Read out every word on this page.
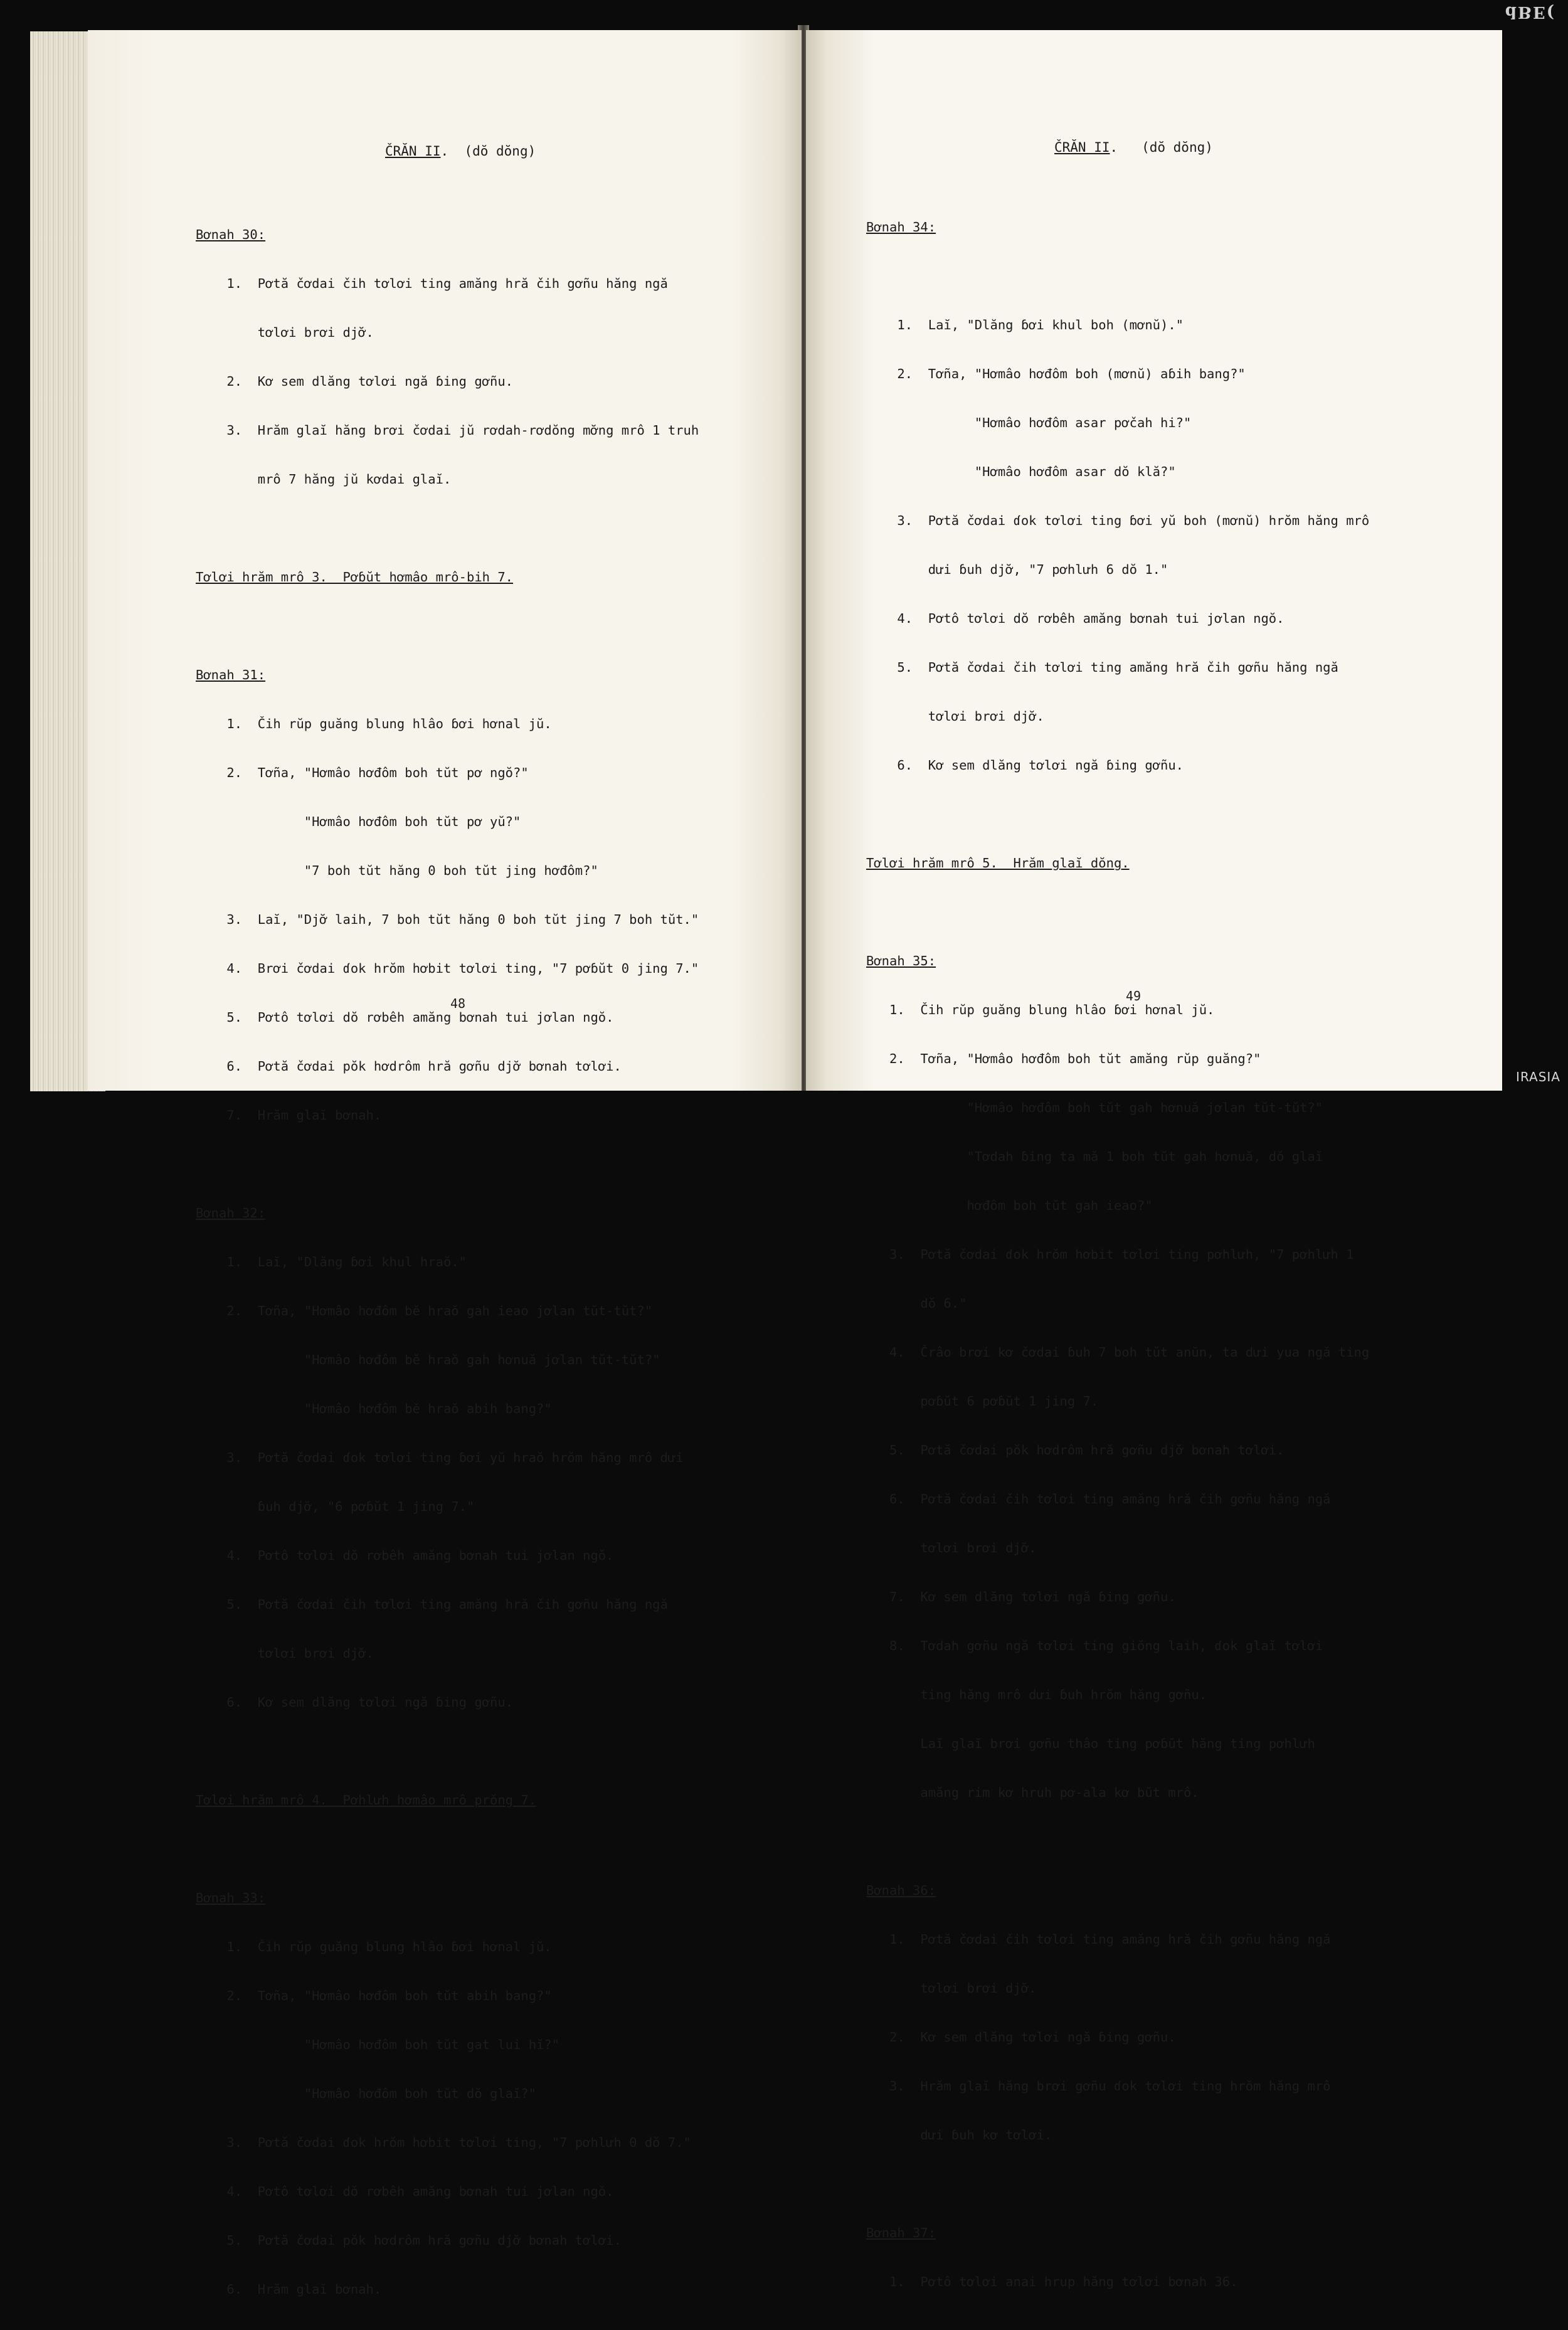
dBE(
ČRĂN II.  (dŏ dŏng)

Bơnah 30:

1.  Pơtă čơdai čih tơlơi ting amăng hră čih gơñu hăng ngă

tơlơi brơi djơ̆.

2.  Kơ sem dlăng tơlơi ngă ɓing gơñu.

3.  Hrăm glaĭ hăng brơi čơdai jŭ rơdah-rơdŏng mơ̆ng mrô 1 truh

mrô 7 hăng jŭ kơdai glaĭ.

Tơlơi hrăm mrô 3.  Pơɓŭt hơmâo mrô-bih 7.

Bơnah 31:

1.  Čih rŭp guăng blung hlâo ɓơi hơnal jŭ.

2.  Tơña, "Hơmâo hơđôm boh tŭt pơ ngŏ?"

"Hơmâo hơđôm boh tŭt pơ yŭ?"

"7 boh tŭt hăng 0 boh tŭt jing hơđôm?"

3.  Laĭ, "Djơ̆ laih, 7 boh tŭt hăng 0 boh tŭt jing 7 boh tŭt."

4.  Brơi čơdai ɗok hrŏm hơbit tơlơi ting, "7 pơɓŭt 0 jing 7."

5.  Pơtô tơlơi dŏ rơbêh amăng bơnah tui jơlan ngŏ.

6.  Pơtă čơdai pŏk hơdrôm hră gơñu djơ̆ bơnah tơlơi.

7.  Hrăm glaĭ bơnah.

Bơnah 32:

1.  Laĭ, "Dlăng ɓơi khul hraŏ."

2.  Tơña, "Hơmâo hơđôm bĕ hraŏ gah ieao jơlan tŭt-tŭt?"

"Hơmâo hơđôm bĕ hraŏ gah hơnuă jơlan tŭt-tŭt?"

"Hơmâo hơđôm bĕ hraŏ abih bang?"

3.  Pơtă čơdai ɗok tơlơi ting ɓơi yŭ hraŏ hrŏm hăng mrô dưi

ɓuh djơ̆, "6 pơɓŭt 1 jing 7."

4.  Pơtô tơlơi dŏ rơbêh amăng bơnah tui jơlan ngŏ.

5.  Pơtă čơdai čih tơlơi ting amăng hră čih gơñu hăng ngă

tơlơi brơi djơ̆.

6.  Kơ sem dlăng tơlơi ngă ɓing gơñu.

Tơlơi hrăm mrô 4.  Pơhlưh hơmâo mrô prŏng 7.

Bơnah 33:

1.  Čih rŭp guăng blung hlâo ɓơi hơnal jŭ.

2.  Tơña, "Hơmâo hơđôm boh tŭt abih bang?"

"Hơmâo hơđôm boh tŭt gat lui hĭ?"

"Hơmâo hơđôm boh tŭt dŏ glaĭ?"

3.  Pơtă čơdai ɗok hrŏm hơbit tơlơi ting, "7 pơhlưh 0 dŏ 7."

4.  Pơtô tơlơi dŏ rơbêh amăng bơnah tui jơlan ngŏ.

5.  Pơtă čơdai pŏk hơdrôm hră gơñu djơ̆ bơnah tơlơi.

6.  Hrăm glaĭ bơnah.

48
ČRĂN II.   (dŏ dŏng)

Bơnah 34:

1.  Laĭ, "Dlăng ɓơi khul boh (mơnŭ)."

2.  Tơña, "Hơmâo hơđôm boh (mơnŭ) aɓih bang?"

"Hơmâo hơđôm asar pơčah hi?"

"Hơmâo hơđôm asar dŏ klă?"

3.  Pơtă čơdai ɗok tơlơi ting ɓơi yŭ boh (mơnŭ) hrŏm hăng mrô

dưi ɓuh djơ̆, "7 pơhlưh 6 dŏ 1."

4.  Pơtô tơlơi dŏ rơbêh amăng bơnah tui jơlan ngŏ.

5.  Pơtă čơdai čih tơlơi ting amăng hră čih gơñu hăng ngă

tơlơi brơi djơ̆.

6.  Kơ sem dlăng tơlơi ngă ɓing gơñu.

Tơlơi hrăm mrô 5.  Hrăm glaĭ dŏng.

Bơnah 35:

1.  Čih rŭp guăng blung hlâo ɓơi hơnal jŭ.

2.  Tơña, "Hơmâo hơđôm boh tŭt amăng rŭp guăng?"

"Hơmâo hơđôm boh tŭt gah hơnuă jơlan tŭt-tŭt?"

"Tơdah ɓing ta mă 1 boh tŭt gah hơnuă, dŏ glaĭ

hơđôm boh tŭt gah ieao?"

3.  Pơtă čơdai ɗok hrŏm hơbit tơlơi ting pơhlưh, "7 pơhlưh 1

dŏ 6."

4.  Črâo brơi kơ čơdai ɓuh 7 boh tŭt anŭn, ta dưi yua ngă ting

pơɓŭt 6 pơɓŭt 1 jing 7.

5.  Pơtă čơdai pŏk hơdrôm hră gơñu djơ̆ bơnah tơlơi.

6.  Pơtă čơdai čih tơlơi ting amăng hră čih gơñu hăng ngă

tơlơi brơi djơ̆.

7.  Kơ sem dlăng tơlơi ngă ɓing gơñu.

8.  Tơdah gơñu ngă tơlơi ting giŏng laih, ɗok glaĭ tơlơi

ting hăng mrô dưi ɓuh hrŏm hăng gơñu.

Laĭ glaĭ brơi gơñu thâo ting pơɓŭt hăng ting pơhlưh

amăng rim kơ hruh pơ-ala kơ bŭt mrô.

Bơnah 36:

1.  Pơtă čơdai čih tơlơi ting amăng hră čih gơñu hăng ngă

tơlơi brơi djơ̆.

2.  Kơ sem dlăng tơlơi ngă ɓing gơñu.

3.  Hrăm glaĭ hăng brơi gơñu ɗok tơlơi ting hrŏm hăng mrô

dưi ɓuh kơ tơlơi.

Bơnah 37:

1.  Pơtô tơlơi anai hrup hăng tơlơi bơnah 36.

49
IRASIA
